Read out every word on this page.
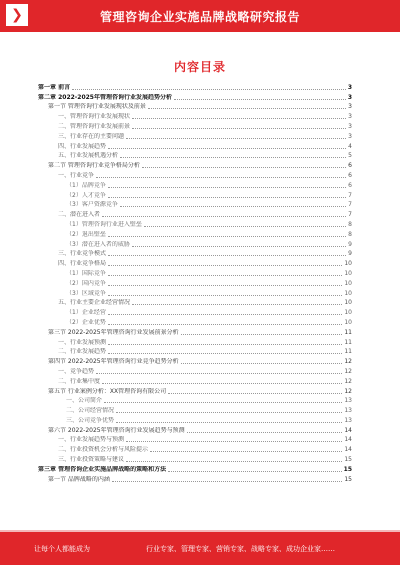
❯	管理咨询企业实施品牌战略研究报告
内容目录
第一章 前言	3
第二章 2022-2025年管理咨询行业发展趋势分析	3
第一节 管理咨询行业发展现状及前景	3
一、管理咨询行业发展现状	3
二、管理咨询行业发展前景	3
三、行业存在的主要问题	3
四、行业发展趋势	4
五、行业发展机遇分析	5
第二节 管理咨询行业竞争格局分析	6
一、行业竞争	6
（1）品牌竞争	6
（2）人才竞争	7
（3）客户资源竞争	7
二、潜在进入者	7
（1）管理咨询行业进入壁垒	8
（2）退出壁垒	8
（3）潜在进入者的威胁	9
三、行业竞争模式	9
四、行业竞争格局	10
（1）国际竞争	10
（2）国内竞争	10
（3）区域竞争	10
五、行业主要企业经营情况	10
（1）企业经营	10
（2）企业优势	10
第三节 2022-2025年管理咨询行业发展前景分析	11
一、行业发展预测	11
二、行业发展趋势	11
第四节 2022-2025年管理咨询行业竞争趋势分析	12
一、竞争趋势	12
二、行业集中度	12
第五节 行业案例分析：XX管理咨询有限公司	12
一、公司简介	13
二、公司经营情况	13
三、公司竞争优势	13
第六节 2022-2025年管理咨询行业发展趋势与预测	14
一、行业发展趋势与预测	14
二、行业投资机会分析与风险提示	14
三、行业投资策略与建议	15
第三章 管理咨询企业实施品牌战略的策略和方法	15
第一节 品牌战略的内涵	15
让每个人都能成为	行业专家、管理专家、营销专家、战略专家、成功企业家……
